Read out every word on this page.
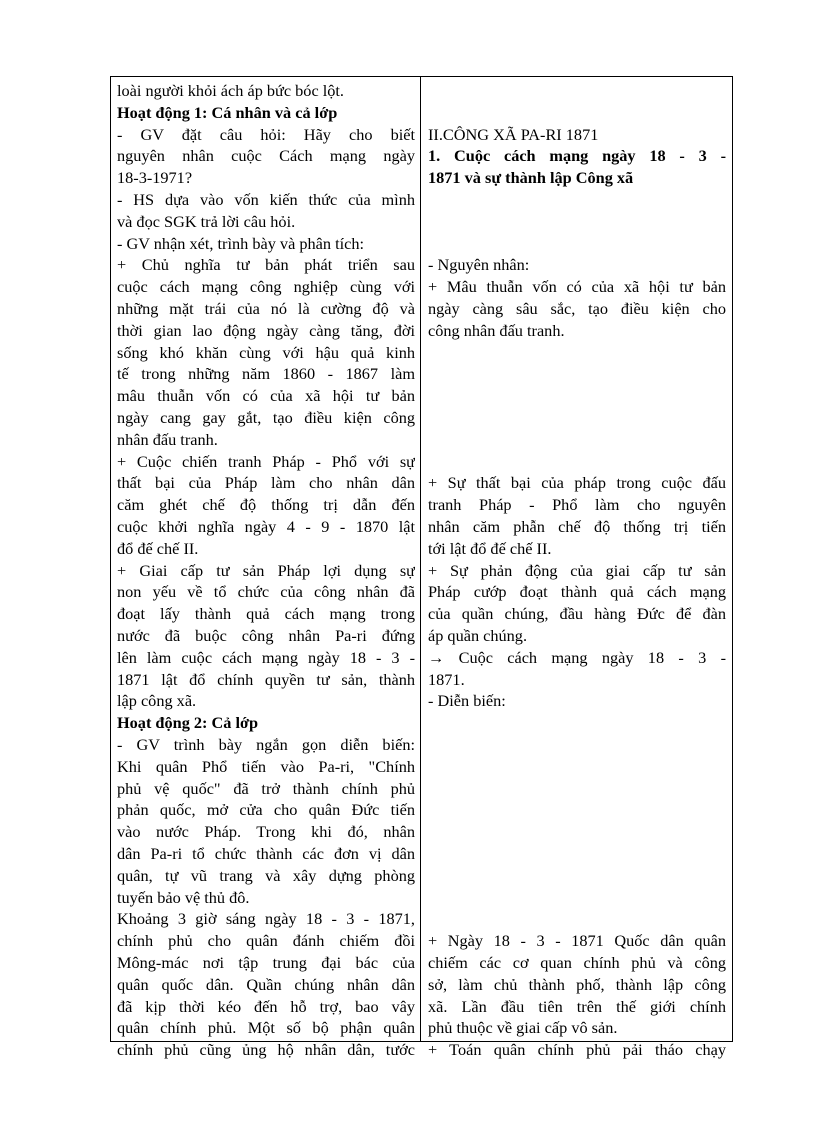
loài người khỏi ách áp bức bóc lột.
Hoạt động 1: Cá nhân và cả lớp
- GV đặt câu hỏi: Hãy cho biết
nguyên nhân cuộc Cách mạng ngày
18-3-1971?
- HS dựa vào vốn kiến thức của mình
và đọc SGK trả lời câu hỏi.
- GV nhận xét, trình bày và phân tích:
+ Chủ nghĩa tư bản phát triển sau
cuộc cách mạng công nghiệp cùng với
những mặt trái của nó là cường độ và
thời gian lao động ngày càng tăng, đời
sống khó khăn cùng với hậu quả kinh
tế trong những năm 1860 - 1867 làm
mâu thuẫn vốn có của xã hội tư bản
ngày cang gay gắt, tạo điều kiện công
nhân đấu tranh.
+ Cuộc chiến tranh Pháp - Phổ với sự
thất bại của Pháp làm cho nhân dân
căm ghét chế độ thống trị dẫn đến
cuộc khởi nghĩa ngày 4 - 9 - 1870 lật
đổ đế chế II.
+ Giai cấp tư sản Pháp lợi dụng sự
non yếu về tổ chức của công nhân đã
đoạt lấy thành quả cách mạng trong
nước đã buộc công nhân Pa-ri đứng
lên làm cuộc cách mạng ngày 18 - 3 -
1871 lật đổ chính quyền tư sản, thành
lập công xã.
Hoạt động 2: Cả lớp
- GV trình bày ngắn gọn diễn biến:
Khi quân Phổ tiến vào Pa-ri, "Chính
phủ vệ quốc" đã trở thành chính phủ
phản quốc, mở cửa cho quân Đức tiến
vào nước Pháp. Trong khi đó, nhân
dân Pa-ri tổ chức thành các đơn vị dân
quân, tự vũ trang và xây dựng phòng
tuyến bảo vệ thủ đô.
Khoảng 3 giờ sáng ngày 18 - 3 - 1871,
chính phủ cho quân đánh chiếm đồi
Mông-mác nơi tập trung đại bác của
quân quốc dân. Quần chúng nhân dân
đã kịp thời kéo đến hỗ trợ, bao vây
quân chính phủ. Một số bộ phận quân
chính phủ cũng ủng hộ nhân dân, tước
II.CÔNG XÃ PA-RI 1871
1. Cuộc cách mạng ngày 18 - 3 -
1871 và sự thành lập Công xã
- Nguyên nhân:
+ Mâu thuẫn vốn có của xã hội tư bản
ngày càng sâu sắc, tạo điều kiện cho
công nhân đấu tranh.
+ Sự thất bại của pháp trong cuộc đấu
tranh Pháp - Phổ làm cho nguyên
nhân căm phẫn chế độ thống trị tiến
tới lật đổ đế chế II.
+ Sự phản động của giai cấp tư sản
Pháp cướp đoạt thành quả cách mạng
của quần chúng, đầu hàng Đức để đàn
áp quần chúng.
→ Cuộc cách mạng ngày 18 - 3 -
1871.
- Diễn biến:
+ Ngày 18 - 3 - 1871 Quốc dân quân
chiếm các cơ quan chính phủ và công
sở, làm chủ thành phố, thành lập công
xã. Lần đầu tiên trên thế giới chính
phủ thuộc về giai cấp vô sản.
+ Toán quân chính phủ pải tháo chạy
